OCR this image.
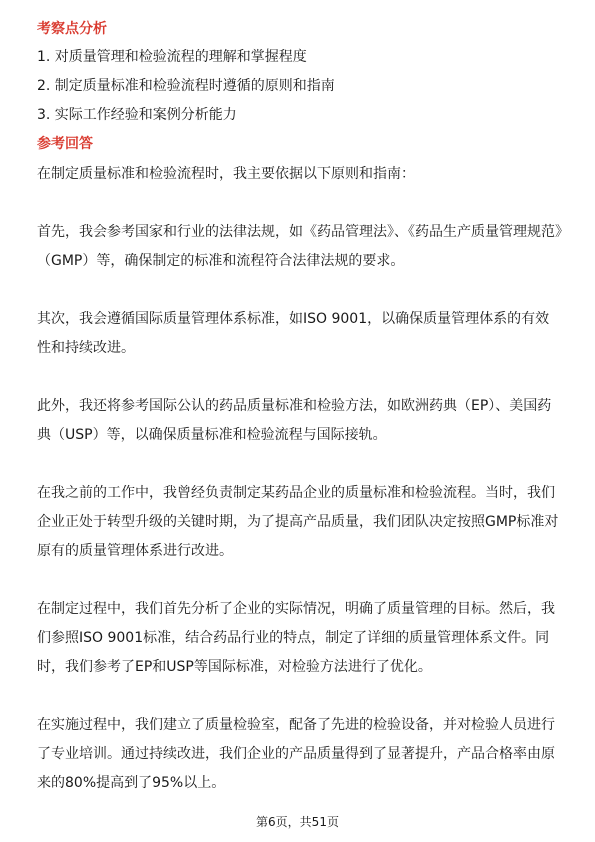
考察点分析
1. 对质量管理和检验流程的理解和掌握程度
2. 制定质量标准和检验流程时遵循的原则和指南
3. 实际工作经验和案例分析能力
参考回答

在制定质量标准和检验流程时，我主要依据以下原则和指南：

首先，我会参考国家和行业的法律法规，如《药品管理法》、《药品生产质量管理规范》（GMP）等，确保制定的标准和流程符合法律法规的要求。

其次，我会遵循国际质量管理体系标准，如ISO 9001，以确保质量管理体系的有效性和持续改进。

此外，我还将参考国际公认的药品质量标准和检验方法，如欧洲药典（EP）、美国药典（USP）等，以确保质量标准和检验流程与国际接轨。

在我之前的工作中，我曾经负责制定某药品企业的质量标准和检验流程。当时，我们企业正处于转型升级的关键时期，为了提高产品质量，我们团队决定按照GMP标准对原有的质量管理体系进行改进。

在制定过程中，我们首先分析了企业的实际情况，明确了质量管理的目标。然后，我们参照ISO 9001标准，结合药品行业的特点，制定了详细的质量管理体系文件。同时，我们参考了EP和USP等国际标准，对检验方法进行了优化。

在实施过程中，我们建立了质量检验室，配备了先进的检验设备，并对检验人员进行了专业培训。通过持续改进，我们企业的产品质量得到了显著提升，产品合格率由原来的80%提高到了95%以上。

第6页，共51页
